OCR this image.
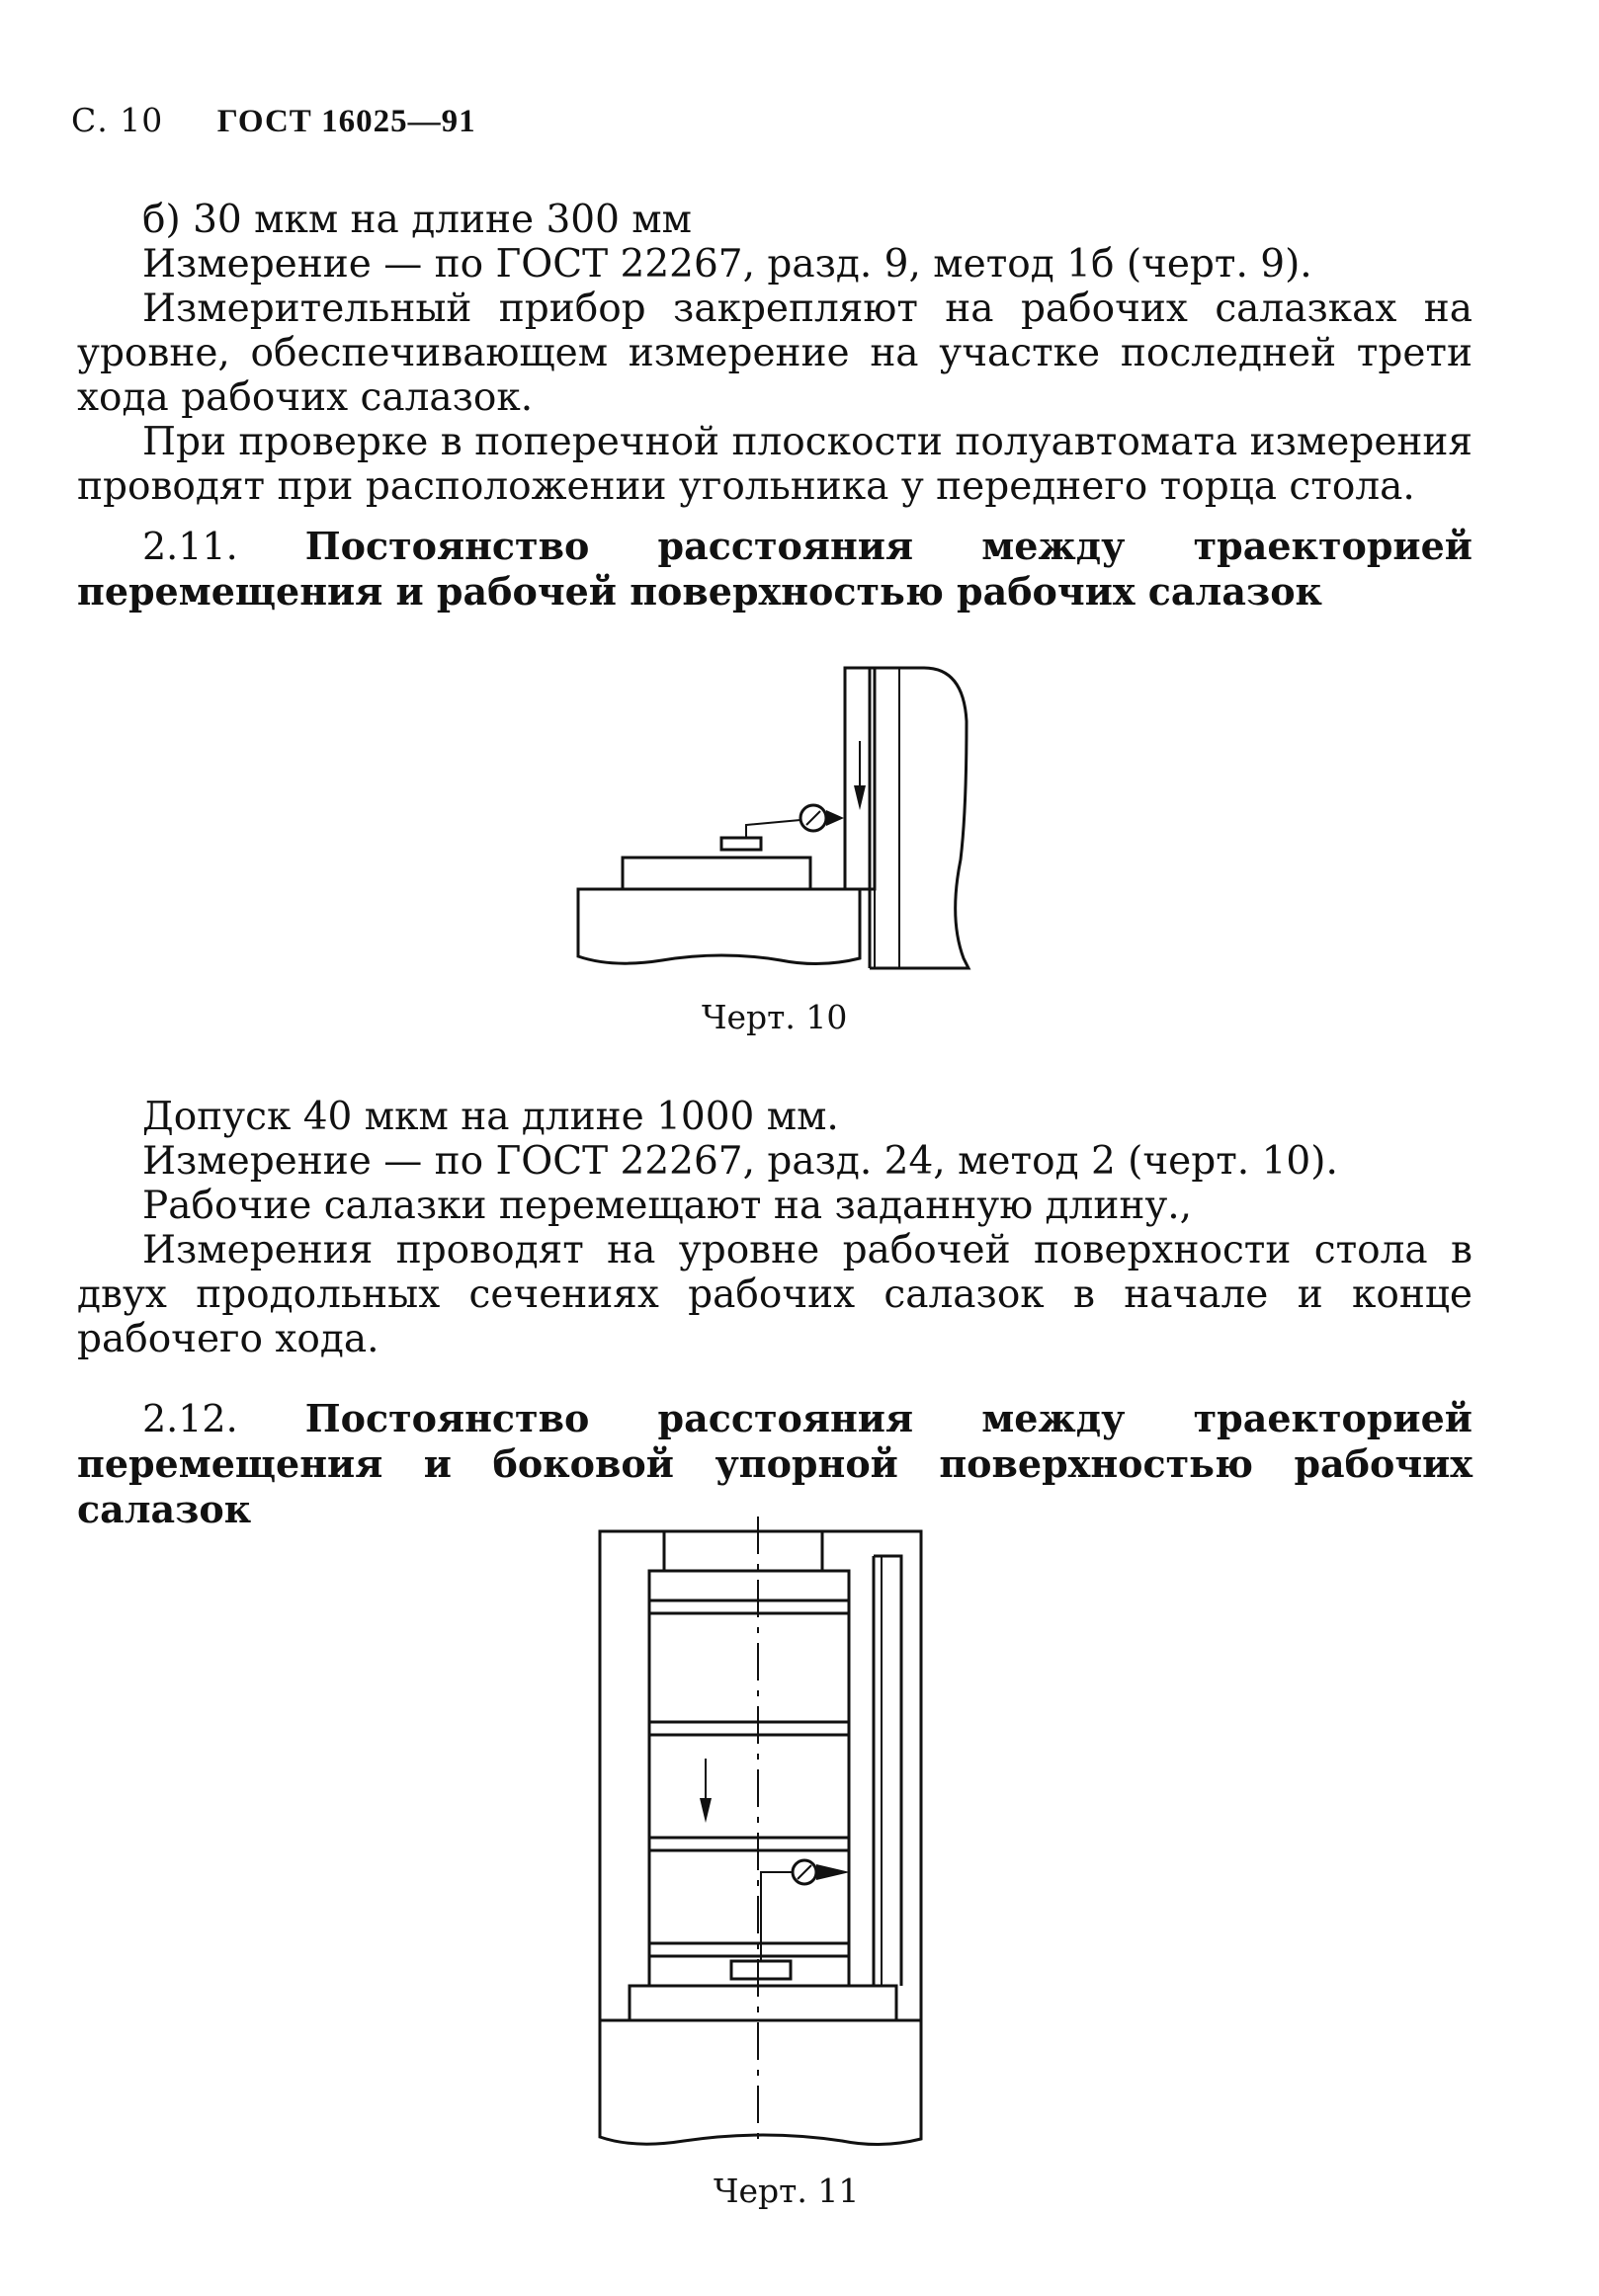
С. 10 ГОСТ 16025—91

б) 30 мкм на длине 300 мм

Измерение — по ГОСТ 22267, разд. 9, метод 1б (черт. 9).

Измерительный прибор закрепляют на рабочих салазках на уровне, обеспечивающем измерение на участке последней трети хода рабочих салазок.

При проверке в поперечной плоскости полуавтомата измерения проводят при расположении угольника у переднего торца стола.

2.11. Постоянство расстояния между траекторией перемещения и рабочей поверхностью рабочих салазок

Черт. 10

Допуск 40 мкм на длине 1000 мм.

Измерение — по ГОСТ 22267, разд. 24, метод 2 (черт. 10).

Рабочие салазки перемещают на заданную длину.,

Измерения проводят на уровне рабочей поверхности стола в двух продольных сечениях рабочих салазок в начале и конце рабочего хода.

2.12. Постоянство расстояния между траекторией перемещения и боковой упорной поверхностью рабочих салазок

Черт. 11
